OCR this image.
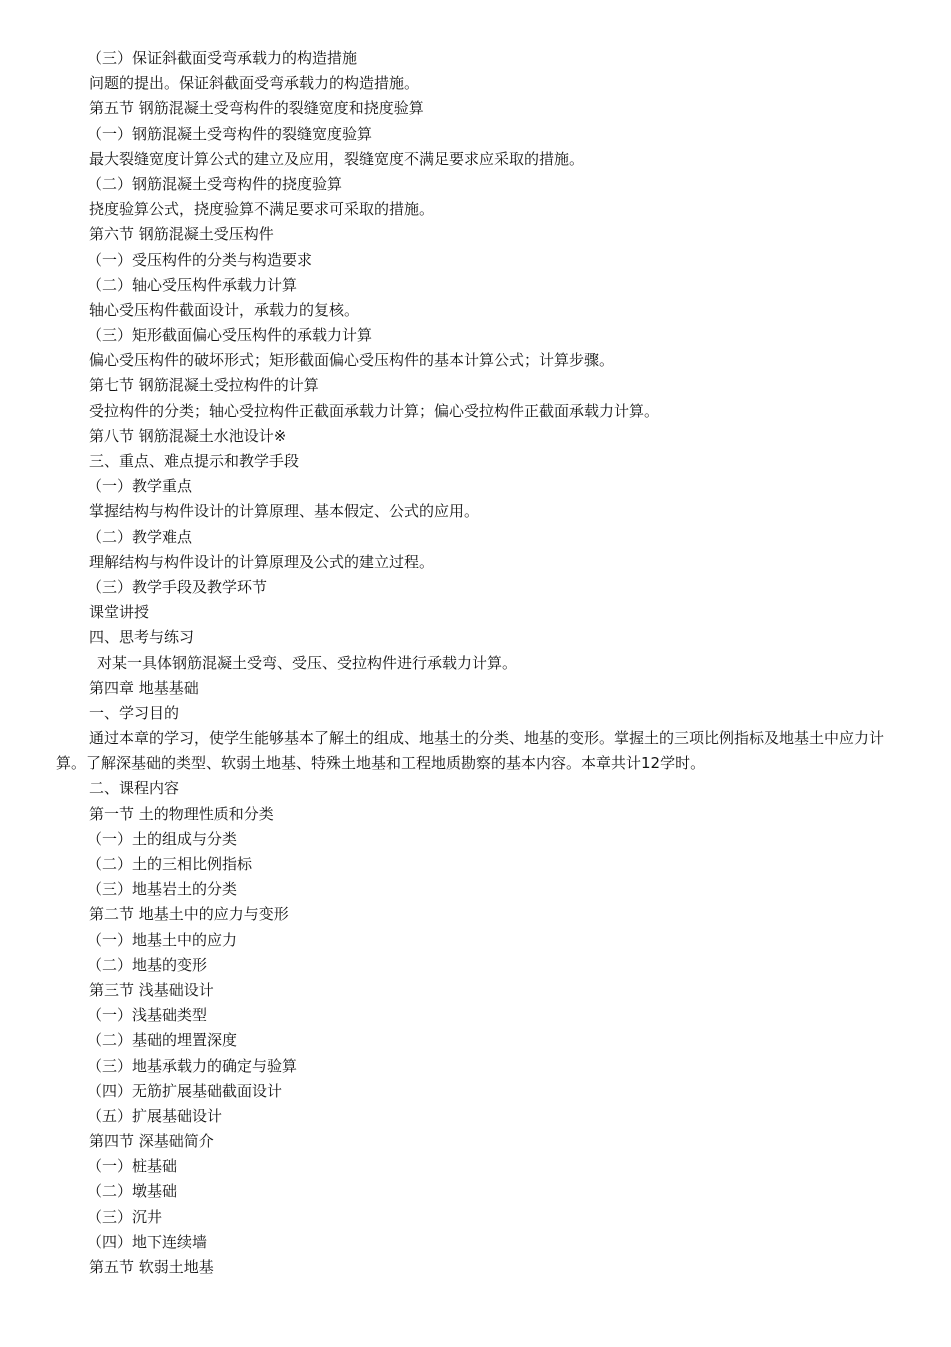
（三）保证斜截面受弯承载力的构造措施
问题的提出。保证斜截面受弯承载力的构造措施。
第五节 钢筋混凝土受弯构件的裂缝宽度和挠度验算
（一）钢筋混凝土受弯构件的裂缝宽度验算
最大裂缝宽度计算公式的建立及应用，裂缝宽度不满足要求应采取的措施。
（二）钢筋混凝土受弯构件的挠度验算
挠度验算公式，挠度验算不满足要求可采取的措施。
第六节 钢筋混凝土受压构件
（一）受压构件的分类与构造要求
（二）轴心受压构件承载力计算
轴心受压构件截面设计，承载力的复核。
（三）矩形截面偏心受压构件的承载力计算
偏心受压构件的破坏形式；矩形截面偏心受压构件的基本计算公式；计算步骤。
第七节 钢筋混凝土受拉构件的计算
受拉构件的分类；轴心受拉构件正截面承载力计算；偏心受拉构件正截面承载力计算。
第八节 钢筋混凝土水池设计※
三、重点、难点提示和教学手段
（一）教学重点
掌握结构与构件设计的计算原理、基本假定、公式的应用。
（二）教学难点
理解结构与构件设计的计算原理及公式的建立过程。
（三）教学手段及教学环节
课堂讲授
四、思考与练习
对某一具体钢筋混凝土受弯、受压、受拉构件进行承载力计算。
第四章 地基基础
一、学习目的
通过本章的学习，使学生能够基本了解土的组成、地基土的分类、地基的变形。掌握土的三项比例指标及地基土中应力计算。了解深基础的类型、软弱土地基、特殊土地基和工程地质勘察的基本内容。本章共计12学时。
二、课程内容
第一节 土的物理性质和分类
（一）土的组成与分类
（二）土的三相比例指标
（三）地基岩土的分类
第二节 地基土中的应力与变形
（一）地基土中的应力
（二）地基的变形
第三节 浅基础设计
（一）浅基础类型
（二）基础的埋置深度
（三）地基承载力的确定与验算
（四）无筋扩展基础截面设计
（五）扩展基础设计
第四节 深基础简介
（一）桩基础
（二）墩基础
（三）沉井
（四）地下连续墙
第五节 软弱土地基
